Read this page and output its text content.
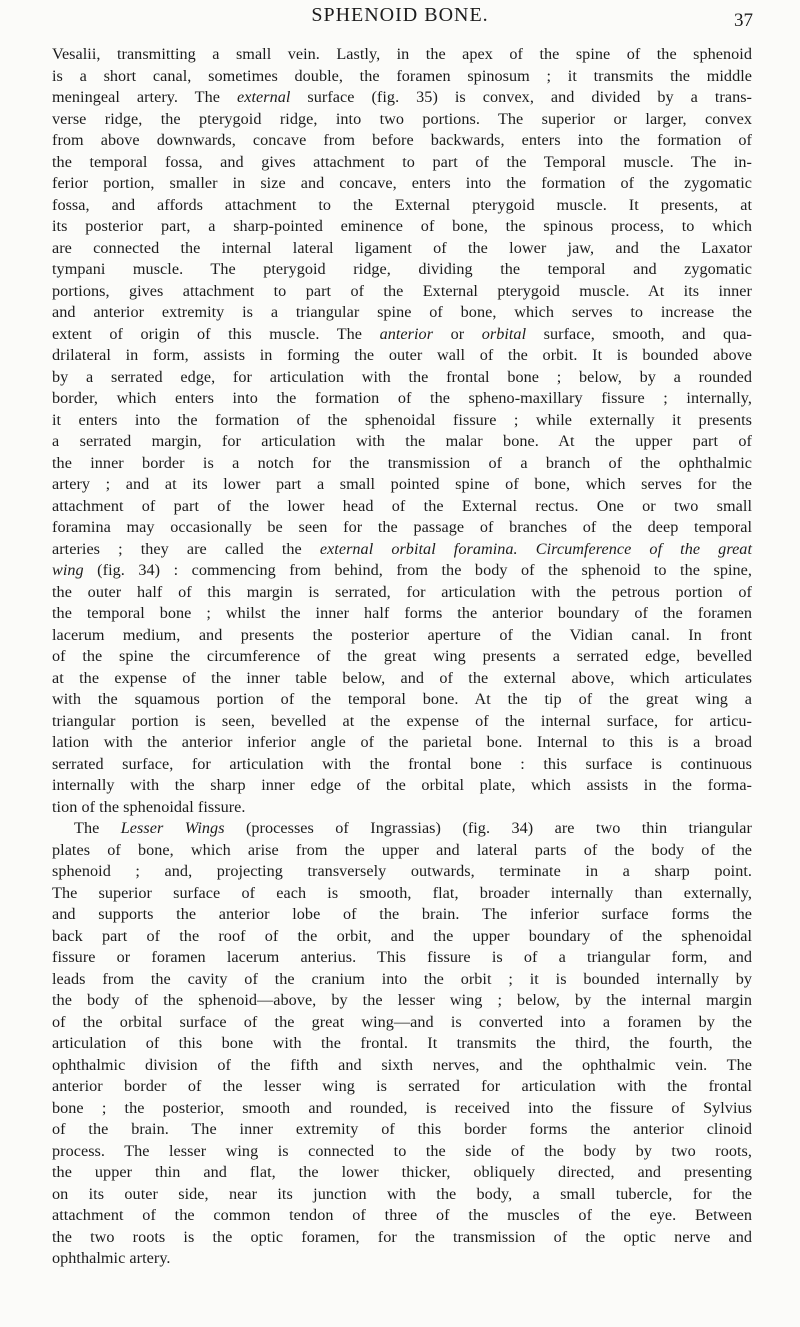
SPHENOID BONE.	37
Vesalii, transmitting a small vein. Lastly, in the apex of the spine of the sphenoid
is a short canal, sometimes double, the foramen spinosum ; it transmits the middle
meningeal artery. The external surface (fig. 35) is convex, and divided by a trans-
verse ridge, the pterygoid ridge, into two portions. The superior or larger, convex
from above downwards, concave from before backwards, enters into the formation of
the temporal fossa, and gives attachment to part of the Temporal muscle. The in-
ferior portion, smaller in size and concave, enters into the formation of the zygomatic
fossa, and affords attachment to the External pterygoid muscle. It presents, at
its posterior part, a sharp-pointed eminence of bone, the spinous process, to which
are connected the internal lateral ligament of the lower jaw, and the Laxator
tympani muscle. The pterygoid ridge, dividing the temporal and zygomatic
portions, gives attachment to part of the External pterygoid muscle. At its inner
and anterior extremity is a triangular spine of bone, which serves to increase the
extent of origin of this muscle. The anterior or orbital surface, smooth, and qua-
drilateral in form, assists in forming the outer wall of the orbit. It is bounded above
by a serrated edge, for articulation with the frontal bone ; below, by a rounded
border, which enters into the formation of the spheno-maxillary fissure ; internally,
it enters into the formation of the sphenoidal fissure ; while externally it presents
a serrated margin, for articulation with the malar bone. At the upper part of
the inner border is a notch for the transmission of a branch of the ophthalmic
artery ; and at its lower part a small pointed spine of bone, which serves for the
attachment of part of the lower head of the External rectus. One or two small
foramina may occasionally be seen for the passage of branches of the deep temporal
arteries ; they are called the external orbital foramina. Circumference of the great
wing (fig. 34) : commencing from behind, from the body of the sphenoid to the spine,
the outer half of this margin is serrated, for articulation with the petrous portion of
the temporal bone ; whilst the inner half forms the anterior boundary of the foramen
lacerum medium, and presents the posterior aperture of the Vidian canal. In front
of the spine the circumference of the great wing presents a serrated edge, bevelled
at the expense of the inner table below, and of the external above, which articulates
with the squamous portion of the temporal bone. At the tip of the great wing a
triangular portion is seen, bevelled at the expense of the internal surface, for articu-
lation with the anterior inferior angle of the parietal bone. Internal to this is a broad
serrated surface, for articulation with the frontal bone : this surface is continuous
internally with the sharp inner edge of the orbital plate, which assists in the forma-
tion of the sphenoidal fissure.
The Lesser Wings (processes of Ingrassias) (fig. 34) are two thin triangular
plates of bone, which arise from the upper and lateral parts of the body of the
sphenoid ; and, projecting transversely outwards, terminate in a sharp point.
The superior surface of each is smooth, flat, broader internally than externally,
and supports the anterior lobe of the brain. The inferior surface forms the
back part of the roof of the orbit, and the upper boundary of the sphenoidal
fissure or foramen lacerum anterius. This fissure is of a triangular form, and
leads from the cavity of the cranium into the orbit ; it is bounded internally by
the body of the sphenoid—above, by the lesser wing ; below, by the internal margin
of the orbital surface of the great wing—and is converted into a foramen by the
articulation of this bone with the frontal. It transmits the third, the fourth, the
ophthalmic division of the fifth and sixth nerves, and the ophthalmic vein. The
anterior border of the lesser wing is serrated for articulation with the frontal
bone ; the posterior, smooth and rounded, is received into the fissure of Sylvius
of the brain. The inner extremity of this border forms the anterior clinoid
process. The lesser wing is connected to the side of the body by two roots,
the upper thin and flat, the lower thicker, obliquely directed, and presenting
on its outer side, near its junction with the body, a small tubercle, for the
attachment of the common tendon of three of the muscles of the eye. Between
the two roots is the optic foramen, for the transmission of the optic nerve and
ophthalmic artery.
